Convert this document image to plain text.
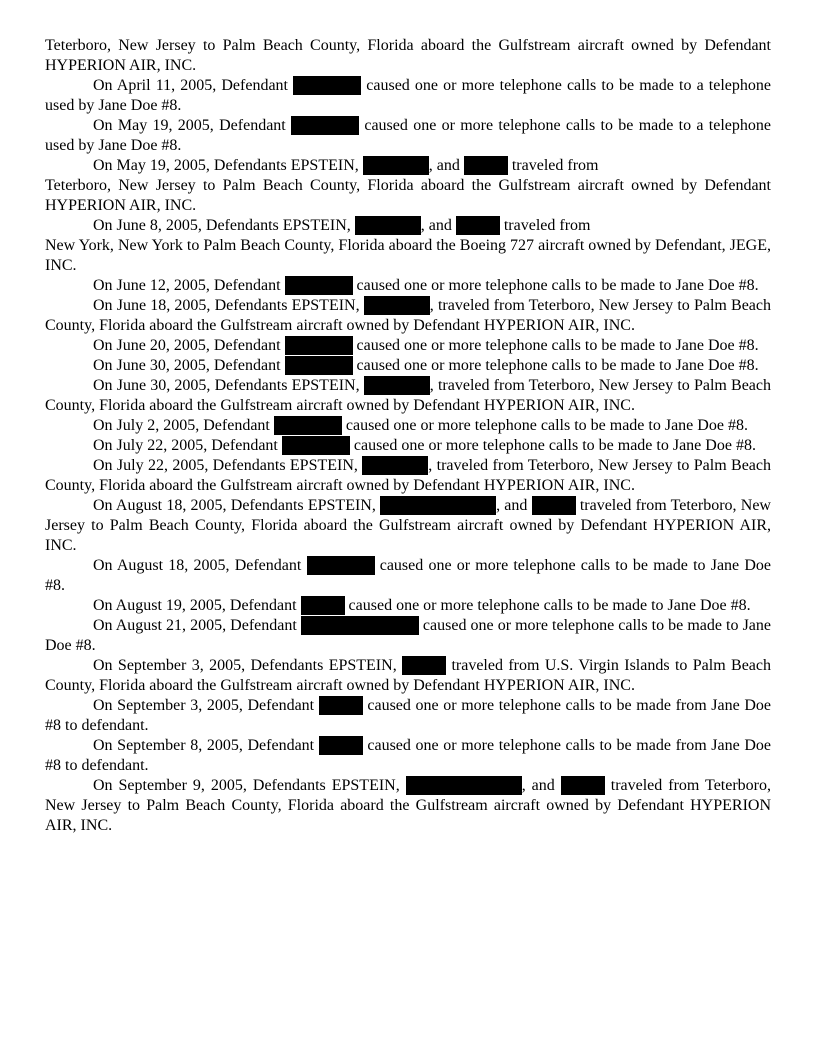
Teterboro, New Jersey to Palm Beach County, Florida aboard the Gulfstream aircraft owned by Defendant HYPERION AIR, INC.

On April 11, 2005, Defendant	caused one or more telephone calls to be made to a telephone used by Jane Doe #8.

On May 19, 2005, Defendant	caused one or more telephone calls to be made to a telephone used by Jane Doe #8.

On May 19, 2005, Defendants EPSTEIN,	, and	traveled from

Teterboro, New Jersey to Palm Beach County, Florida aboard the Gulfstream aircraft owned by Defendant HYPERION AIR, INC.

On June 8, 2005, Defendants EPSTEIN,	, and	traveled from

New York, New York to Palm Beach County, Florida aboard the Boeing 727 aircraft owned by Defendant, JEGE, INC.

On June 12, 2005, Defendant	caused one or more telephone calls to be made to Jane Doe #8.

On June 18, 2005, Defendants EPSTEIN,	, traveled from Teterboro, New Jersey to Palm Beach County, Florida aboard the Gulfstream aircraft owned by Defendant HYPERION AIR, INC.

On June 20, 2005, Defendant	caused one or more telephone calls to be made to Jane Doe #8.

On June 30, 2005, Defendant	caused one or more telephone calls to be made to Jane Doe #8.

On June 30, 2005, Defendants EPSTEIN,	, traveled from Teterboro, New Jersey to Palm Beach County, Florida aboard the Gulfstream aircraft owned by Defendant HYPERION AIR, INC.

On July 2, 2005, Defendant	caused one or more telephone calls to be made to Jane Doe #8.

On July 22, 2005, Defendant	caused one or more telephone calls to be made to Jane Doe #8.

On July 22, 2005, Defendants EPSTEIN,	, traveled from Teterboro, New Jersey to Palm Beach County, Florida aboard the Gulfstream aircraft owned by Defendant HYPERION AIR, INC.

On August 18, 2005, Defendants EPSTEIN,	, and	traveled from Teterboro, New Jersey to Palm Beach County, Florida aboard the Gulfstream aircraft owned by Defendant HYPERION AIR, INC.

On August 18, 2005, Defendant	caused one or more telephone calls to be made to Jane Doe #8.

On August 19, 2005, Defendant	caused one or more telephone calls to be made to Jane Doe #8.

On August 21, 2005, Defendant	caused one or more telephone calls to be made to Jane Doe #8.

On September 3, 2005, Defendants EPSTEIN,	traveled from U.S. Virgin Islands to Palm Beach County, Florida aboard the Gulfstream aircraft owned by Defendant HYPERION AIR, INC.

On September 3, 2005, Defendant	caused one or more telephone calls to be made from Jane Doe #8 to defendant.

On September 8, 2005, Defendant	caused one or more telephone calls to be made from Jane Doe #8 to defendant.

On September 9, 2005, Defendants EPSTEIN,	, and	traveled from Teterboro, New Jersey to Palm Beach County, Florida aboard the Gulfstream aircraft owned by Defendant HYPERION AIR, INC.
